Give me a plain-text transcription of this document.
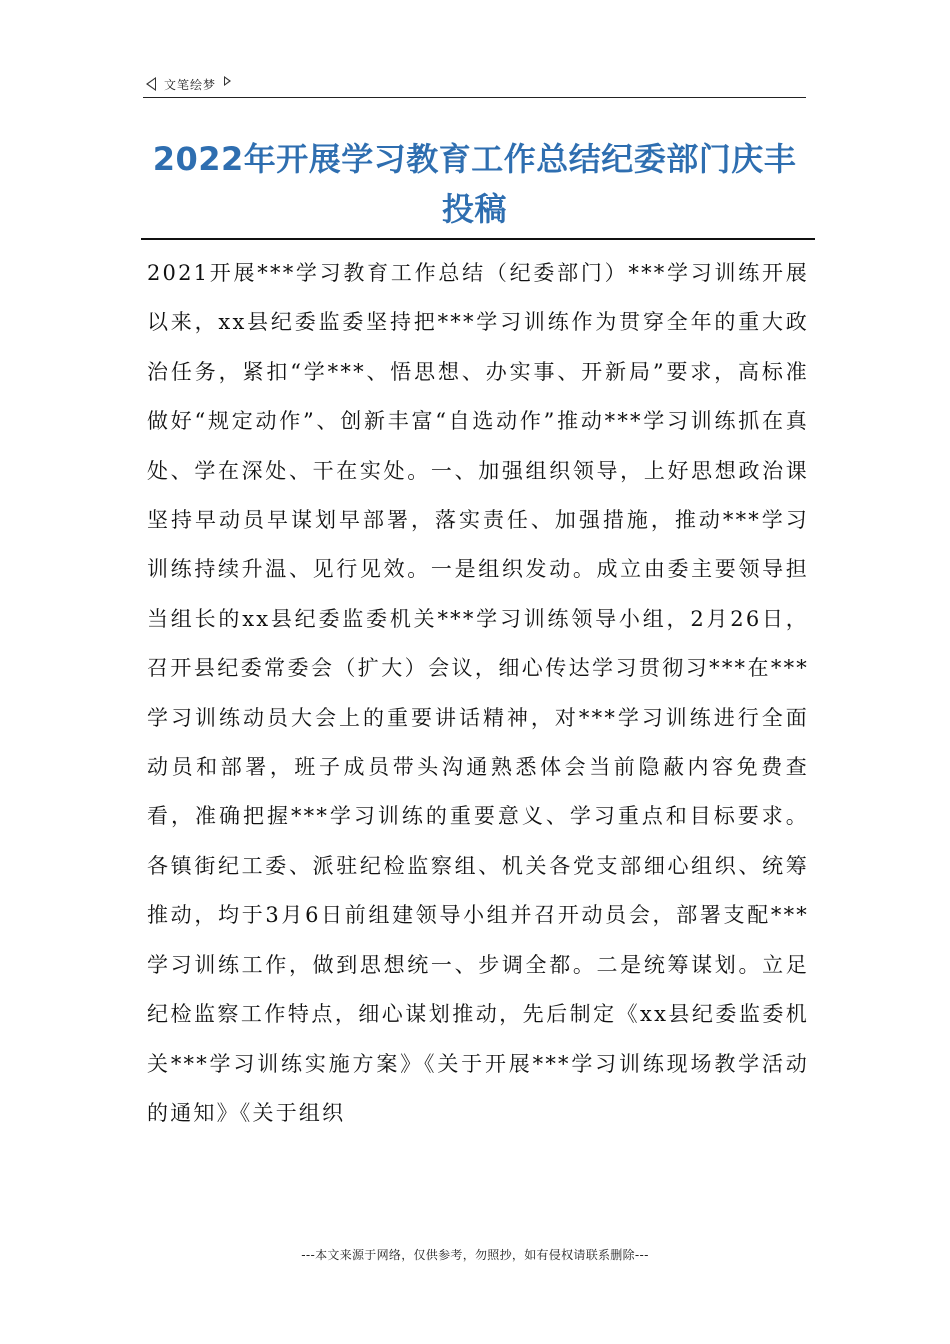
文笔绘梦
2022年开展学习教育工作总结纪委部门庆丰投稿

2021开展***学习教育工作总结（纪委部门）***学习训练开展以来，xx县纪委监委坚持把***学习训练作为贯穿全年的重大政治任务，紧扣“学***、悟思想、办实事、开新局”要求，高标准做好“规定动作”、创新丰富“自选动作”推动***学习训练抓在真处、学在深处、干在实处。一、加强组织领导，上好思想政治课坚持早动员早谋划早部署，落实责任、加强措施，推动***学习训练持续升温、见行见效。一是组织发动。成立由委主要领导担当组长的xx县纪委监委机关***学习训练领导小组，2月26日，召开县纪委常委会（扩大）会议，细心传达学习贯彻习***在***学习训练动员大会上的重要讲话精神，对***学习训练进行全面动员和部署，班子成员带头沟通熟悉体会当前隐蔽内容免费查看，准确把握***学习训练的重要意义、学习重点和目标要求。各镇街纪工委、派驻纪检监察组、机关各党支部细心组织、统筹推动，均于3月6日前组建领导小组并召开动员会，部署支配***学习训练工作，做到思想统一、步调全都。二是统筹谋划。立足纪检监察工作特点，细心谋划推动，先后制定《xx县纪委监委机关***学习训练实施方案》《关于开展***学习训练现场教学活动的通知》《关于组织

---本文来源于网络，仅供参考，勿照抄，如有侵权请联系删除---
